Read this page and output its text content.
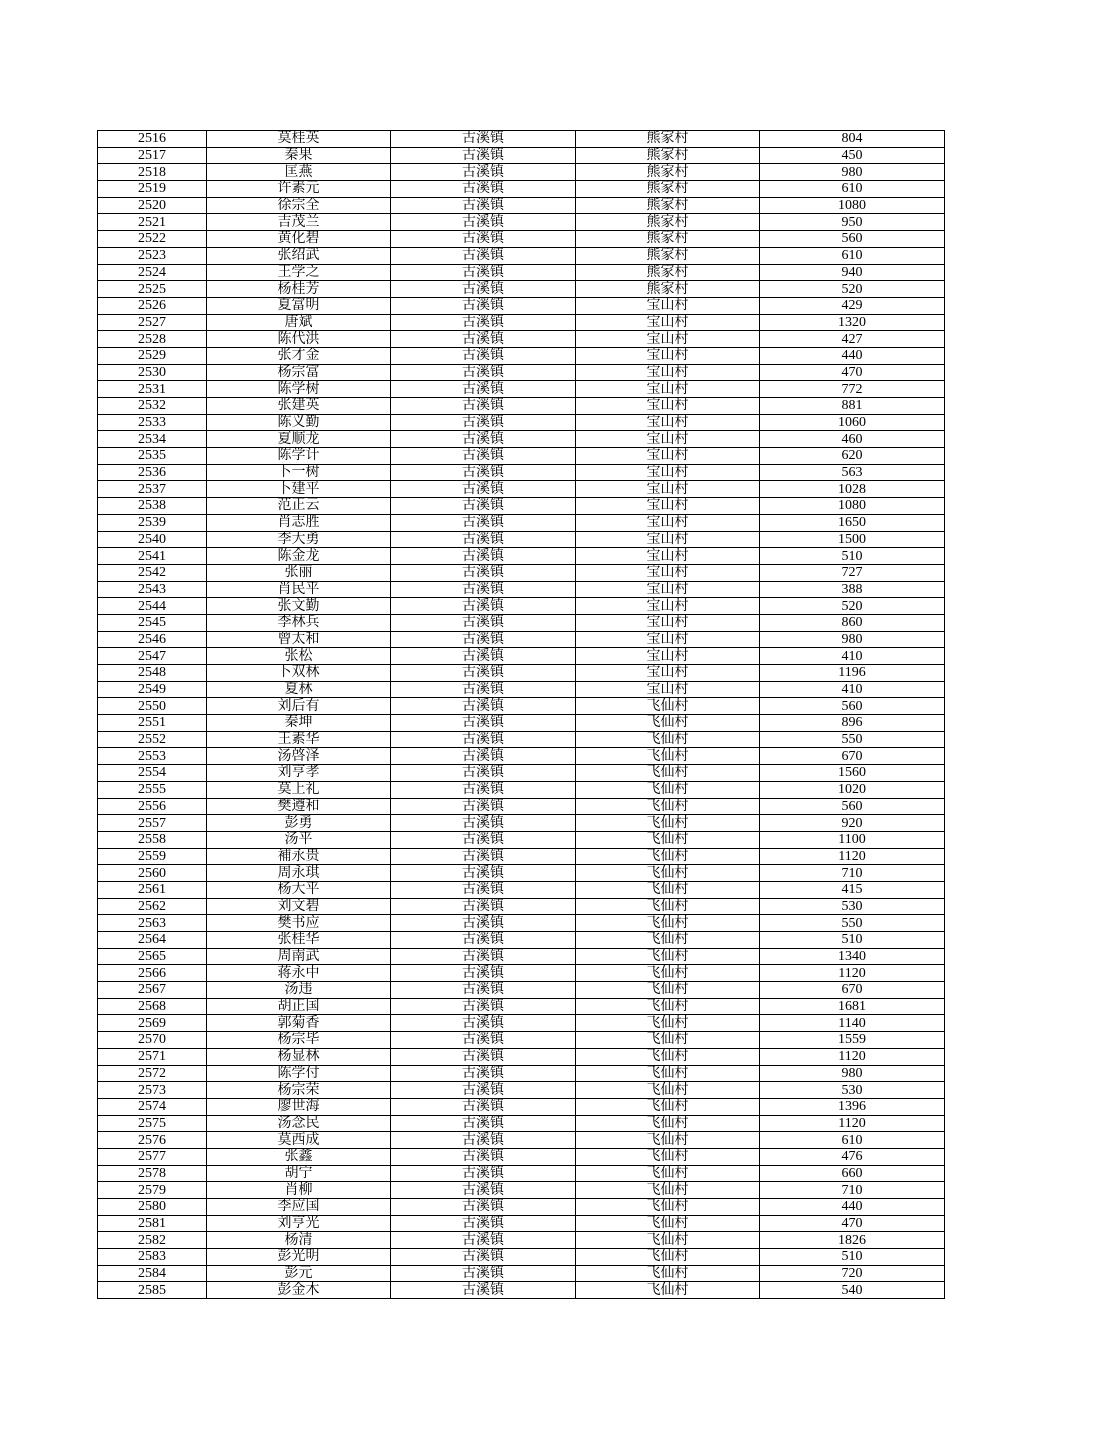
2516	莫桂英	古溪镇	熊家村	804
2517	秦果	古溪镇	熊家村	450
2518	匡燕	古溪镇	熊家村	980
2519	许素元	古溪镇	熊家村	610
2520	徐宗全	古溪镇	熊家村	1080
2521	吉茂兰	古溪镇	熊家村	950
2522	黄化碧	古溪镇	熊家村	560
2523	张绍武	古溪镇	熊家村	610
2524	王学之	古溪镇	熊家村	940
2525	杨桂芳	古溪镇	熊家村	520
2526	夏富明	古溪镇	宝山村	429
2527	唐斌	古溪镇	宝山村	1320
2528	陈代洪	古溪镇	宝山村	427
2529	张才金	古溪镇	宝山村	440
2530	杨宗富	古溪镇	宝山村	470
2531	陈学树	古溪镇	宝山村	772
2532	张建英	古溪镇	宝山村	881
2533	陈义勤	古溪镇	宝山村	1060
2534	夏顺龙	古溪镇	宝山村	460
2535	陈学计	古溪镇	宝山村	620
2536	卜一树	古溪镇	宝山村	563
2537	卜建平	古溪镇	宝山村	1028
2538	范正云	古溪镇	宝山村	1080
2539	肖志胜	古溪镇	宝山村	1650
2540	李大勇	古溪镇	宝山村	1500
2541	陈金龙	古溪镇	宝山村	510
2542	张丽	古溪镇	宝山村	727
2543	肖民平	古溪镇	宝山村	388
2544	张文勤	古溪镇	宝山村	520
2545	李林兵	古溪镇	宝山村	860
2546	曾太和	古溪镇	宝山村	980
2547	张松	古溪镇	宝山村	410
2548	卜双林	古溪镇	宝山村	1196
2549	夏林	古溪镇	宝山村	410
2550	刘后有	古溪镇	飞仙村	560
2551	秦坤	古溪镇	飞仙村	896
2552	王素华	古溪镇	飞仙村	550
2553	汤啓泽	古溪镇	飞仙村	670
2554	刘亨孝	古溪镇	飞仙村	1560
2555	莫上礼	古溪镇	飞仙村	1020
2556	樊遵和	古溪镇	飞仙村	560
2557	彭勇	古溪镇	飞仙村	920
2558	汤平	古溪镇	飞仙村	1100
2559	補永贵	古溪镇	飞仙村	1120
2560	周永琪	古溪镇	飞仙村	710
2561	杨大平	古溪镇	飞仙村	415
2562	刘文碧	古溪镇	飞仙村	530
2563	樊书应	古溪镇	飞仙村	550
2564	张桂华	古溪镇	飞仙村	510
2565	周南武	古溪镇	飞仙村	1340
2566	蒋永中	古溪镇	飞仙村	1120
2567	汤违	古溪镇	飞仙村	670
2568	胡正国	古溪镇	飞仙村	1681
2569	郭菊香	古溪镇	飞仙村	1140
2570	杨宗毕	古溪镇	飞仙村	1559
2571	杨显林	古溪镇	飞仙村	1120
2572	陈学付	古溪镇	飞仙村	980
2573	杨宗荣	古溪镇	飞仙村	530
2574	廖世海	古溪镇	飞仙村	1396
2575	汤念民	古溪镇	飞仙村	1120
2576	莫西成	古溪镇	飞仙村	610
2577	张鑫	古溪镇	飞仙村	476
2578	胡宁	古溪镇	飞仙村	660
2579	肖柳	古溪镇	飞仙村	710
2580	李应国	古溪镇	飞仙村	440
2581	刘亨光	古溪镇	飞仙村	470
2582	杨清	古溪镇	飞仙村	1826
2583	彭光明	古溪镇	飞仙村	510
2584	彭元	古溪镇	飞仙村	720
2585	彭金木	古溪镇	飞仙村	540
